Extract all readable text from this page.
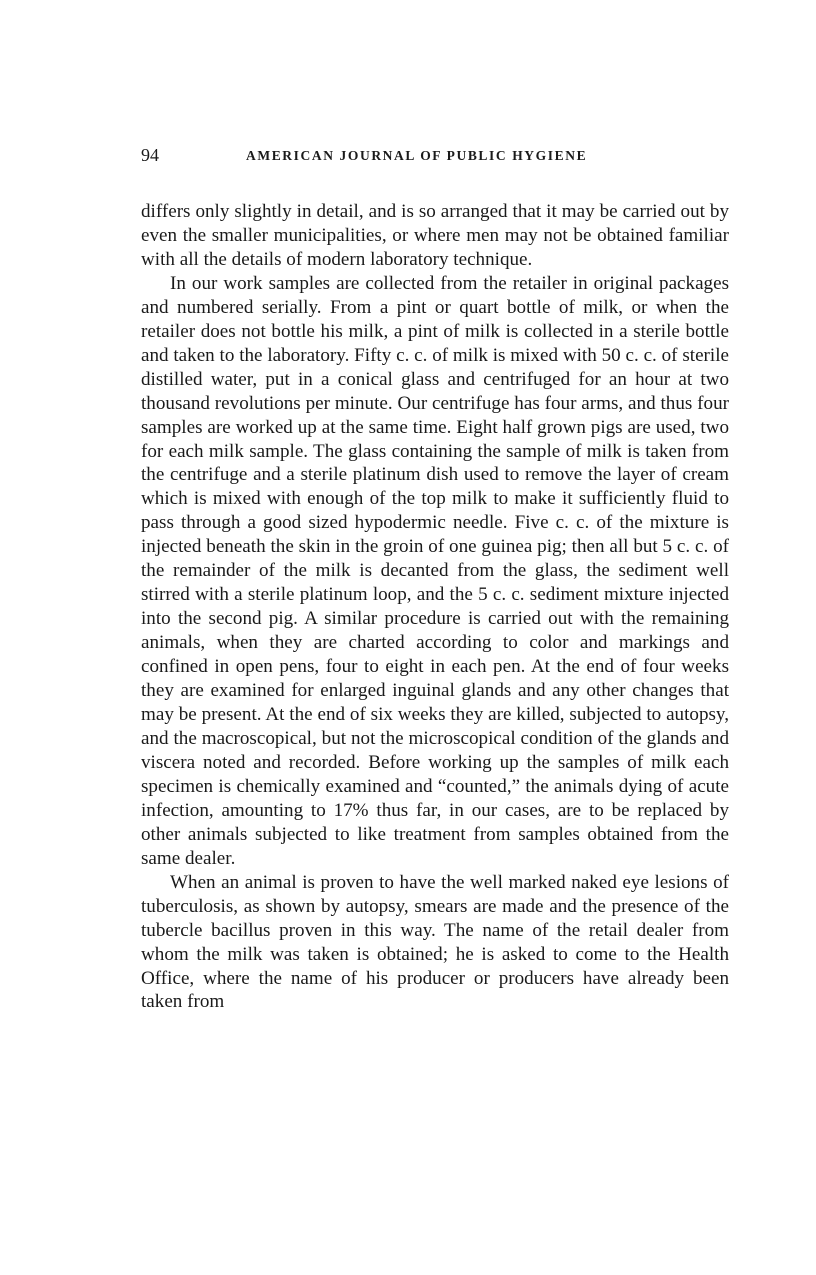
94	AMERICAN JOURNAL OF PUBLIC HYGIENE

differs only slightly in detail, and is so arranged that it may be carried out by even the smaller municipalities, or where men may not be obtained familiar with all the details of modern laboratory technique.

In our work samples are collected from the retailer in original packages and numbered serially. From a pint or quart bottle of milk, or when the retailer does not bottle his milk, a pint of milk is collected in a sterile bottle and taken to the laboratory. Fifty c. c. of milk is mixed with 50 c. c. of sterile distilled water, put in a conical glass and centrifuged for an hour at two thousand revolutions per minute. Our centrifuge has four arms, and thus four samples are worked up at the same time. Eight half grown pigs are used, two for each milk sample. The glass containing the sample of milk is taken from the centrifuge and a sterile platinum dish used to remove the layer of cream which is mixed with enough of the top milk to make it sufficiently fluid to pass through a good sized hypodermic needle. Five c. c. of the mixture is injected beneath the skin in the groin of one guinea pig; then all but 5 c. c. of the remainder of the milk is decanted from the glass, the sediment well stirred with a sterile platinum loop, and the 5 c. c. sediment mixture injected into the second pig. A similar procedure is carried out with the remaining animals, when they are charted according to color and markings and confined in open pens, four to eight in each pen. At the end of four weeks they are examined for enlarged inguinal glands and any other changes that may be present. At the end of six weeks they are killed, subjected to autopsy, and the macroscopical, but not the microscopical condition of the glands and viscera noted and recorded. Before working up the samples of milk each specimen is chemically examined and “counted,” the animals dying of acute infection, amounting to 17% thus far, in our cases, are to be replaced by other animals subjected to like treatment from samples obtained from the same dealer.

When an animal is proven to have the well marked naked eye lesions of tuberculosis, as shown by autopsy, smears are made and the presence of the tubercle bacillus proven in this way. The name of the retail dealer from whom the milk was taken is obtained; he is asked to come to the Health Office, where the name of his producer or producers have already been taken from
